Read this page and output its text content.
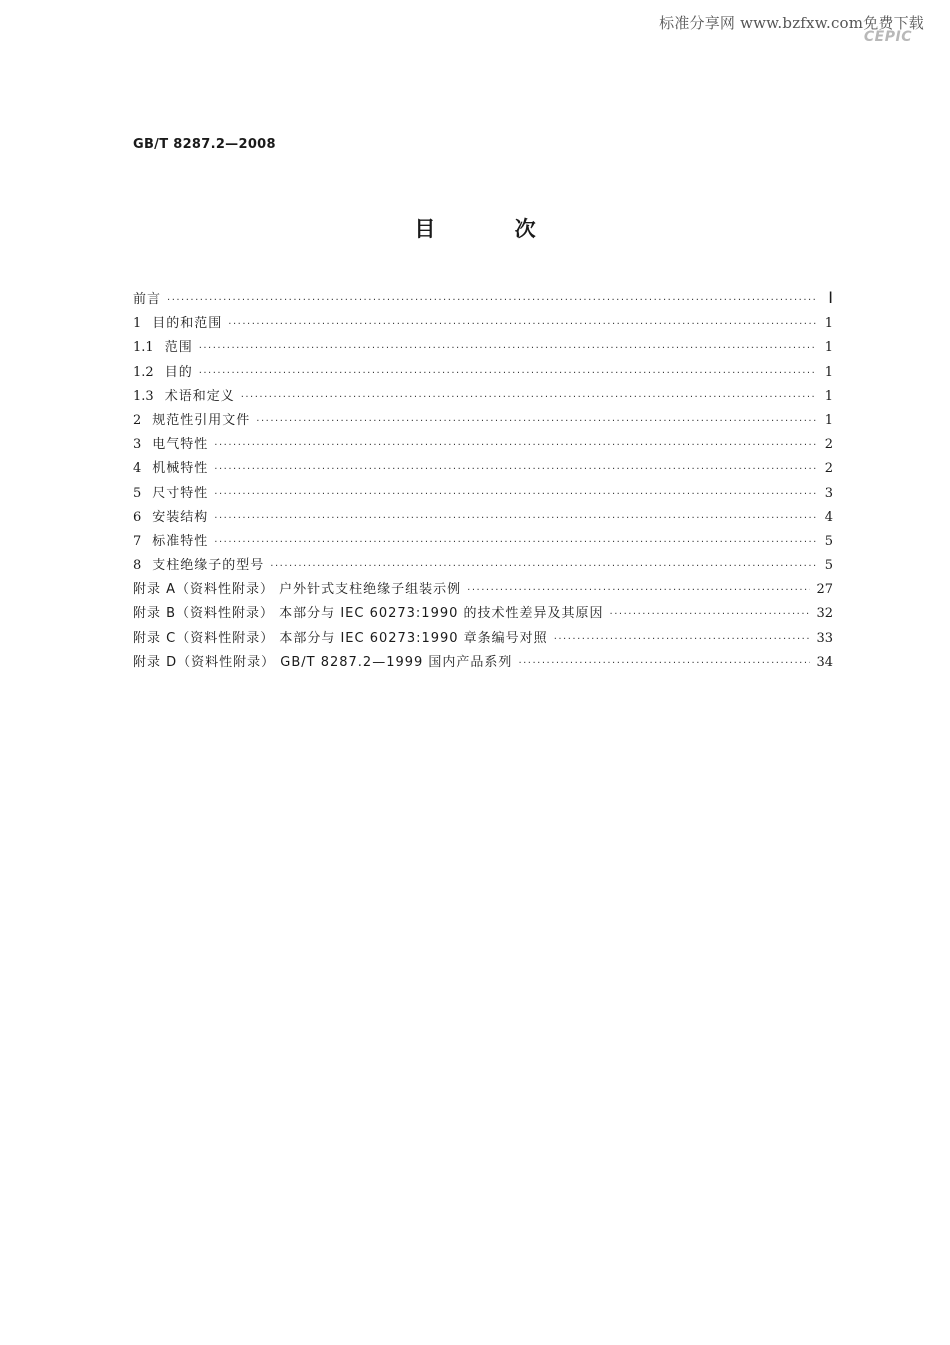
标准分享网 www.bzfxw.com免费下载
CEPIC
GB/T 8287.2—2008
目 次
前言 ·····	Ⅰ
1 目的和范围 ·····	1
1.1 范围 ·····	1
1.2 目的 ·····	1
1.3 术语和定义 ·····	1
2 规范性引用文件 ·····	1
3 电气特性 ·····	2
4 机械特性 ·····	2
5 尺寸特性 ·····	3
6 安装结构 ·····	4
7 标准特性 ·····	5
8 支柱绝缘子的型号 ·····	5
附录 A（资料性附录） 户外针式支柱绝缘子组装示例 ·····	27
附录 B（资料性附录） 本部分与 IEC 60273:1990 的技术性差异及其原因 ·····	32
附录 C（资料性附录） 本部分与 IEC 60273:1990 章条编号对照 ·····	33
附录 D（资料性附录） GB/T 8287.2—1999 国内产品系列 ·····	34
